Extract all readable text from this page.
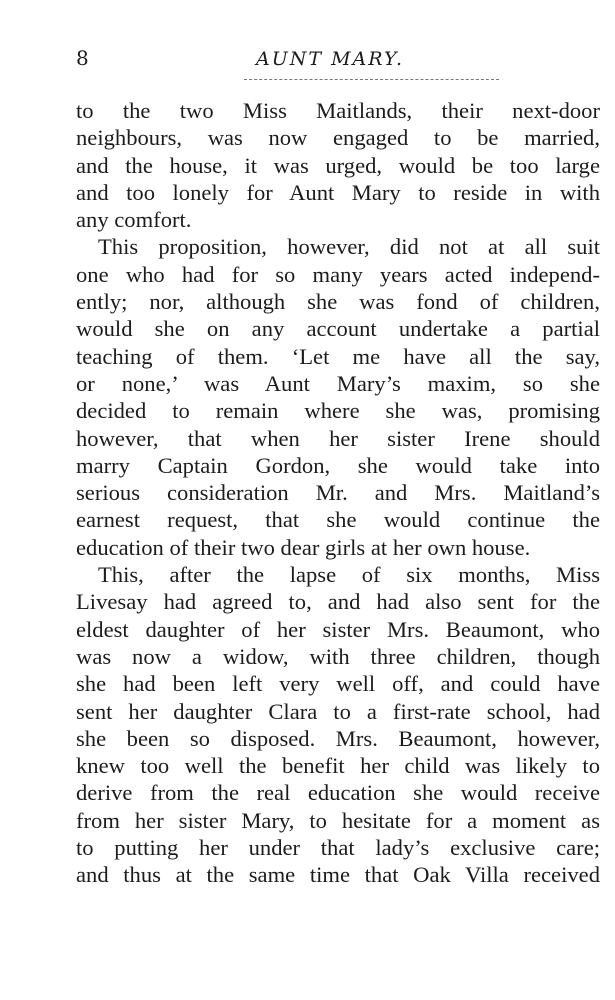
8	AUNT MARY.
to the two Miss Maitlands, their next-door
neighbours, was now engaged to be married,
and the house, it was urged, would be too large
and too lonely for Aunt Mary to reside in with
any comfort.
This proposition, however, did not at all suit
one who had for so many years acted independ-
ently; nor, although she was fond of children,
would she on any account undertake a partial
teaching of them. ‘Let me have all the say,
or none,’ was Aunt Mary’s maxim, so she
decided to remain where she was, promising
however, that when her sister Irene should
marry Captain Gordon, she would take into
serious consideration Mr. and Mrs. Maitland’s
earnest request, that she would continue the
education of their two dear girls at her own house.
This, after the lapse of six months, Miss
Livesay had agreed to, and had also sent for the
eldest daughter of her sister Mrs. Beaumont, who
was now a widow, with three children, though
she had been left very well off, and could have
sent her daughter Clara to a first-rate school, had
she been so disposed. Mrs. Beaumont, however,
knew too well the benefit her child was likely to
derive from the real education she would receive
from her sister Mary, to hesitate for a moment as
to putting her under that lady’s exclusive care;
and thus at the same time that Oak Villa received
